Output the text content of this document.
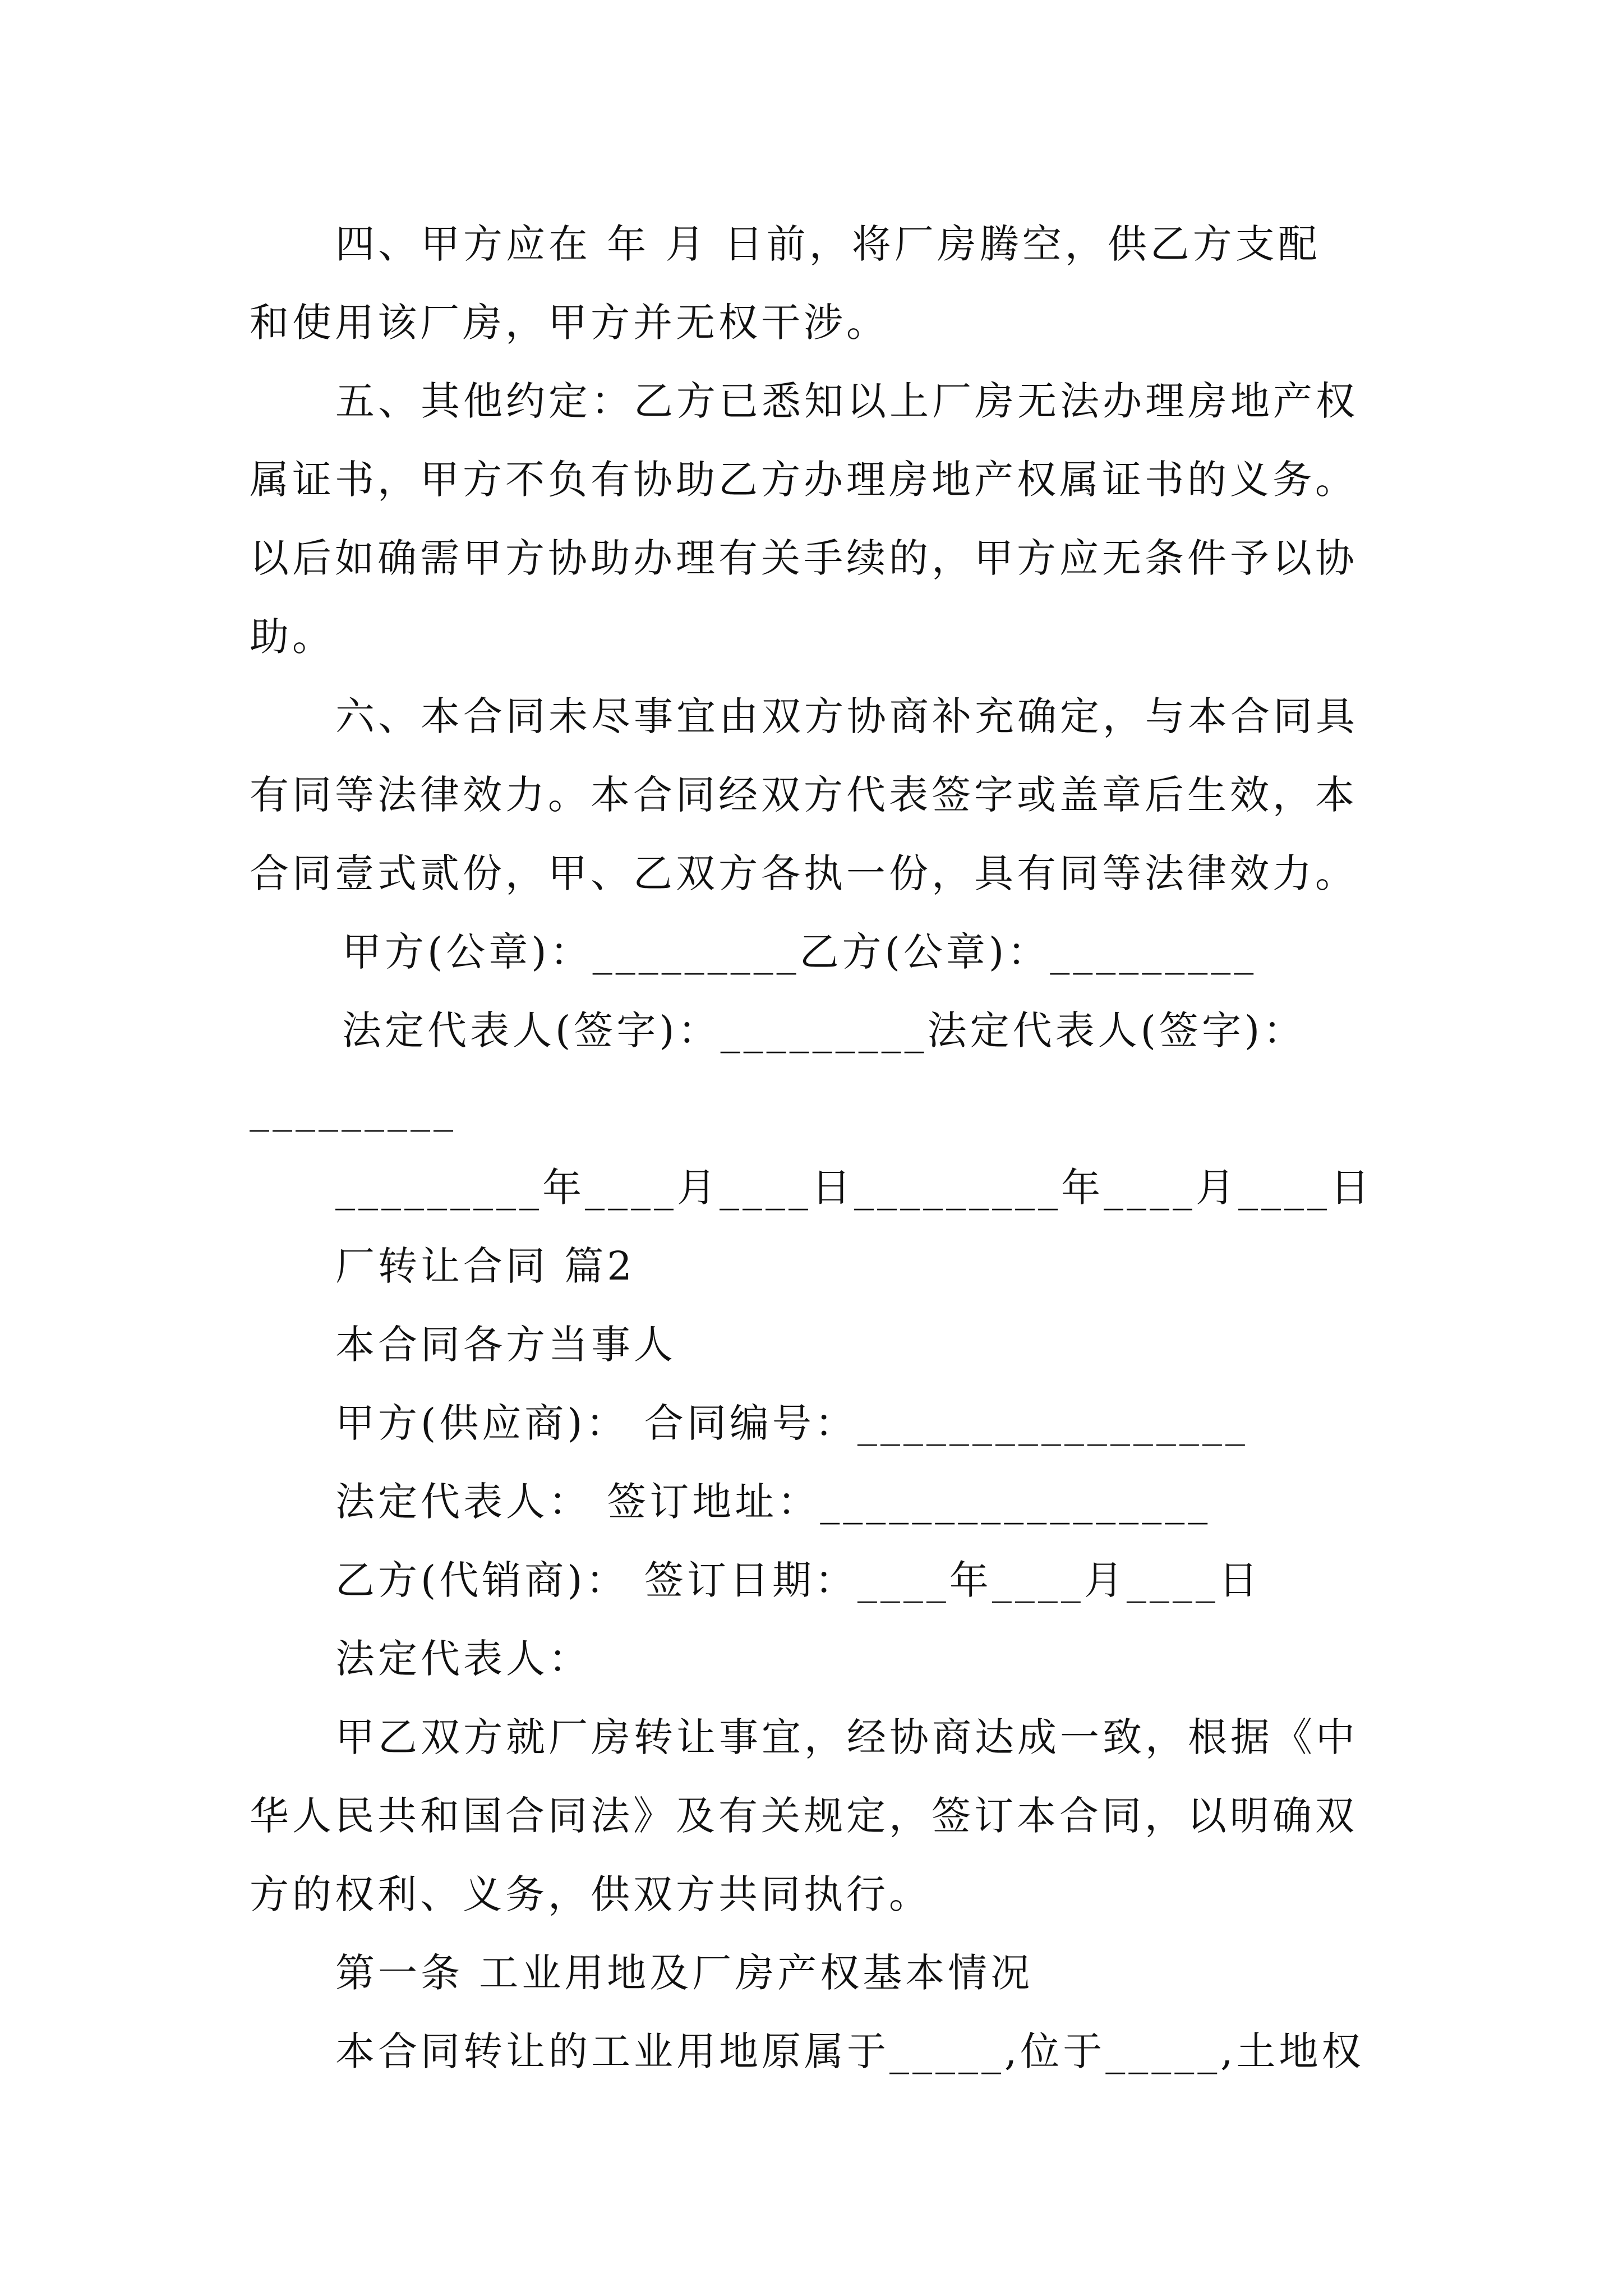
四、甲方应在 年 月 日前，将厂房腾空，供乙方支配
和使用该厂房，甲方并无权干涉。
五、其他约定：乙方已悉知以上厂房无法办理房地产权
属证书，甲方不负有协助乙方办理房地产权属证书的义务。
以后如确需甲方协助办理有关手续的，甲方应无条件予以协
助。
六、本合同未尽事宜由双方协商补充确定，与本合同具
有同等法律效力。本合同经双方代表签字或盖章后生效，本
合同壹式贰份，甲、乙双方各执一份，具有同等法律效力。
甲方(公章)：_________乙方(公章)：_________
法定代表人(签字)：_________法定代表人(签字)：
_________
_________年____月____日_________年____月____日
厂转让合同 篇2
本合同各方当事人
甲方(供应商)： 合同编号：_________________
法定代表人： 签订地址：_________________
乙方(代销商)： 签订日期：____年____月____日
法定代表人：
甲乙双方就厂房转让事宜，经协商达成一致，根据《中
华人民共和国合同法》及有关规定，签订本合同，以明确双
方的权利、义务，供双方共同执行。
第一条 工业用地及厂房产权基本情况
本合同转让的工业用地原属于_____,位于_____,土地权
